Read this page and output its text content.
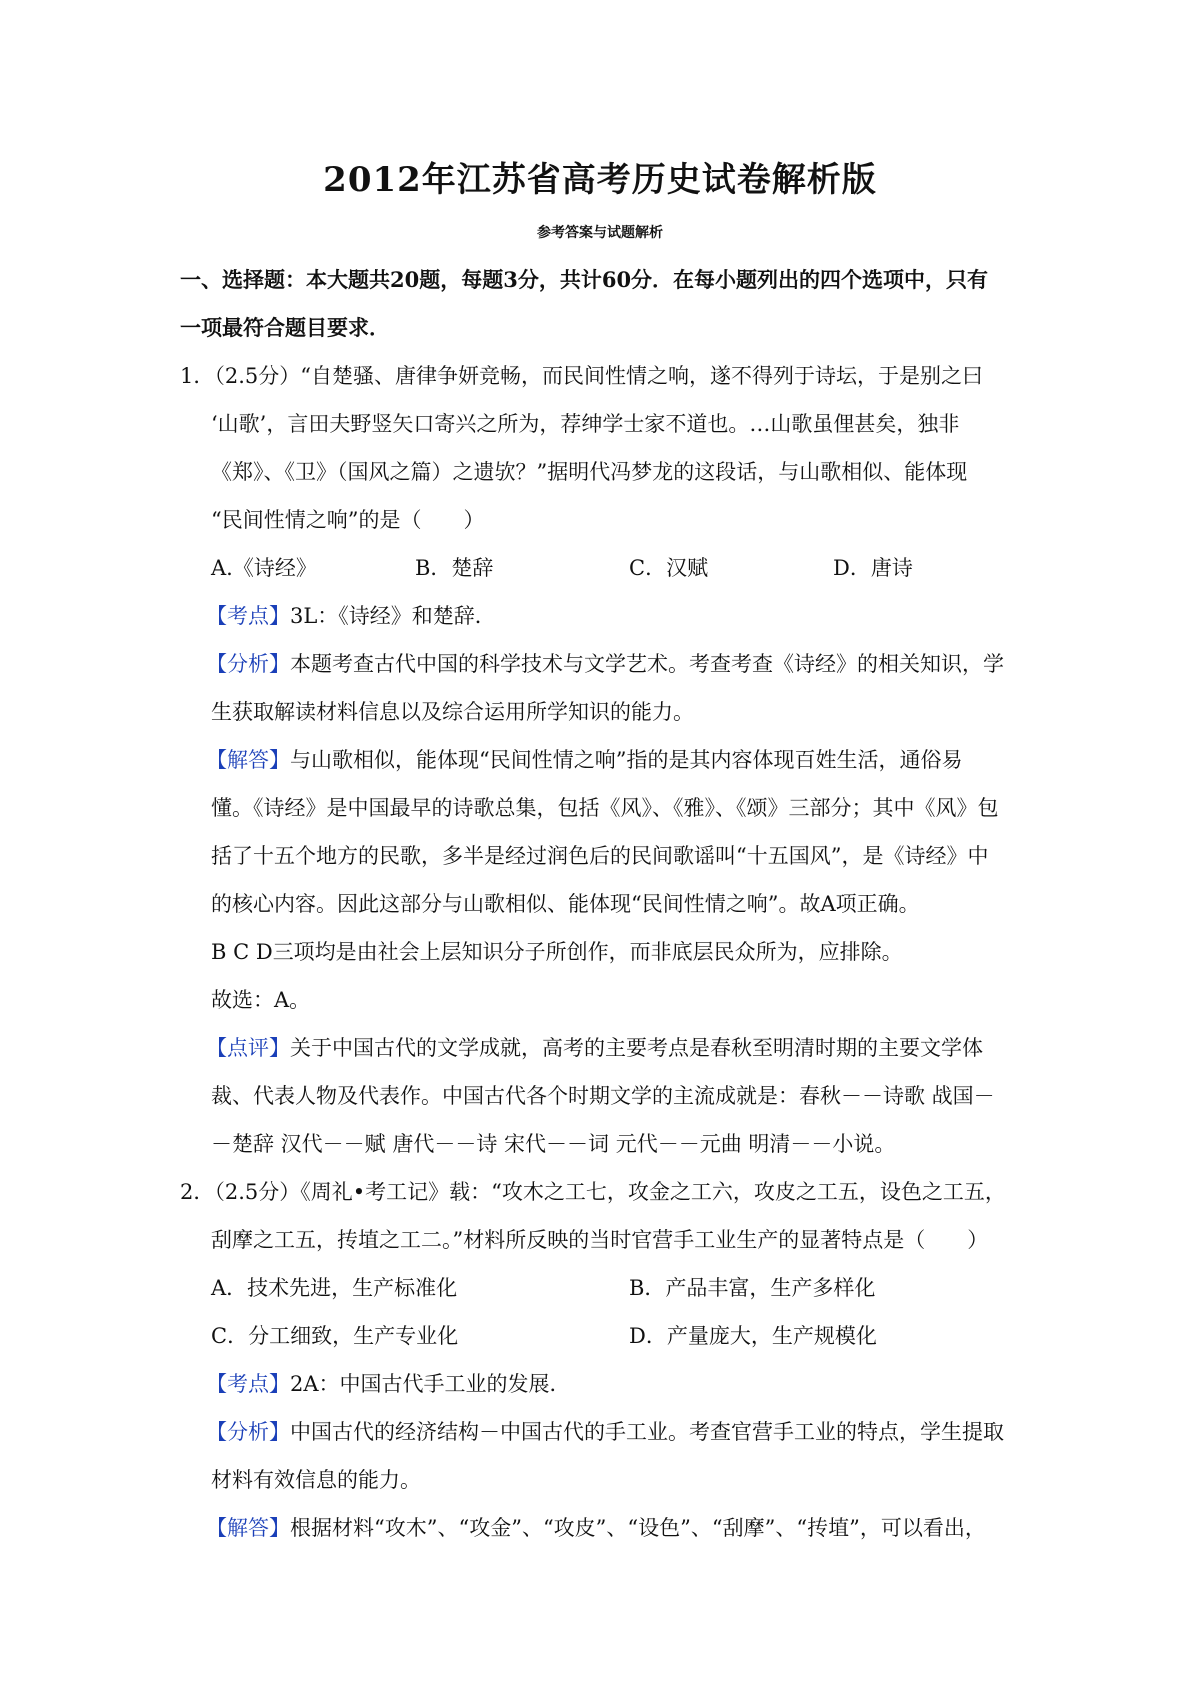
2012年江苏省高考历史试卷解析版
参考答案与试题解析
一、选择题：本大题共20题，每题3分，共计60分．在每小题列出的四个选项中，只有
一项最符合题目要求．
1．（2.5分）“自楚骚、唐律争妍竞畅，而民间性情之响，遂不得列于诗坛，于是别之曰
‘山歌’，言田夫野竖矢口寄兴之所为，荐绅学士家不道也。…山歌虽俚甚矣，独非
《郑》、《卫》（国风之篇）之遗欤？”据明代冯梦龙的这段话，与山歌相似、能体现
“民间性情之响”的是（　　）
A.《诗经》	B．楚辞	C．汉赋	D．唐诗
【考点】3L：《诗经》和楚辞．
【分析】本题考查古代中国的科学技术与文学艺术。考查考查《诗经》的相关知识，学
生获取解读材料信息以及综合运用所学知识的能力。
【解答】与山歌相似，能体现“民间性情之响”指的是其内容体现百姓生活，通俗易
懂。《诗经》是中国最早的诗歌总集，包括《风》、《雅》、《颂》三部分；其中《风》包
括了十五个地方的民歌，多半是经过润色后的民间歌谣叫“十五国风”，是《诗经》中
的核心内容。因此这部分与山歌相似、能体现“民间性情之响”。故A项正确。
B C D三项均是由社会上层知识分子所创作，而非底层民众所为，应排除。
故选：A。
【点评】关于中国古代的文学成就，高考的主要考点是春秋至明清时期的主要文学体
裁、代表人物及代表作。中国古代各个时期文学的主流成就是：春秋－－诗歌 战国－
－楚辞 汉代－－赋 唐代－－诗 宋代－－词 元代－－元曲 明清－－小说。
2．（2.5分）《周礼•考工记》载：“攻木之工七，攻金之工六，攻皮之工五，设色之工五，
刮摩之工五，抟埴之工二。”材料所反映的当时官营手工业生产的显著特点是（　　）
A．技术先进，生产标准化	B．产品丰富，生产多样化
C．分工细致，生产专业化	D．产量庞大，生产规模化
【考点】2A：中国古代手工业的发展．
【分析】中国古代的经济结构－中国古代的手工业。考查官营手工业的特点，学生提取
材料有效信息的能力。
【解答】根据材料“攻木”、“攻金”、“攻皮”、“设色”、“刮摩”、“抟埴”，可以看出，
